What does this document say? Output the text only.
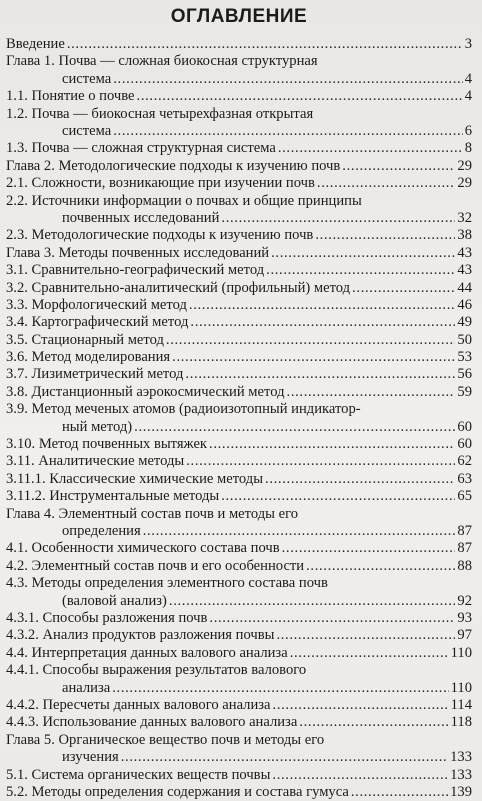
ОГЛАВЛЕНИЕ
Введение . . .	3
Глава 1. Почва — сложная биокосная структурная
система . . .	4
1.1. Понятие о почве . . .	4
1.2. Почва — биокосная четырехфазная открытая
система . . .	6
1.3. Почва — сложная структурная система . . .	8
Глава 2. Методологические подходы к изучению почв . . .	29
2.1. Сложности, возникающие при изучении почв . . .	29
2.2. Источники информации о почвах и общие принципы
почвенных исследований . . .	32
2.3. Методологические подходы к изучению почв . . .	38
Глава 3. Методы почвенных исследований . . .	43
3.1. Сравнительно-географический метод . . .	43
3.2. Сравнительно-аналитический (профильный) метод . . .	44
3.3. Морфологический метод . . .	46
3.4. Картографический метод . . .	49
3.5. Стационарный метод . . .	50
3.6. Метод моделирования . . .	53
3.7. Лизиметрический метод . . .	56
3.8. Дистанционный аэрокосмический метод . . .	59
3.9. Метод меченых атомов (радиоизотопный индикатор-
ный метод) . . .	60
3.10. Метод почвенных вытяжек . . .	60
3.11. Аналитические методы . . .	62
3.11.1. Классические химические методы . . .	63
3.11.2. Инструментальные методы . . .	65
Глава 4. Элементный состав почв и методы его
определения . . .	87
4.1. Особенности химического состава почв . . .	87
4.2. Элементный состав почв и его особенности . . .	88
4.3. Методы определения элементного состава почв
(валовой анализ) . . .	92
4.3.1. Способы разложения почв . . .	93
4.3.2. Анализ продуктов разложения почвы . . .	97
4.4. Интерпретация данных валового анализа . . .	110
4.4.1. Способы выражения результатов валового
анализа . . .	110
4.4.2. Пересчеты данных валового анализа . . .	114
4.4.3. Использование данных валового анализа . . .	118
Глава 5. Органическое вещество почв и методы его
изучения . . .	133
5.1. Система органических веществ почвы . . .	133
5.2. Методы определения содержания и состава гумуса . . .	139
